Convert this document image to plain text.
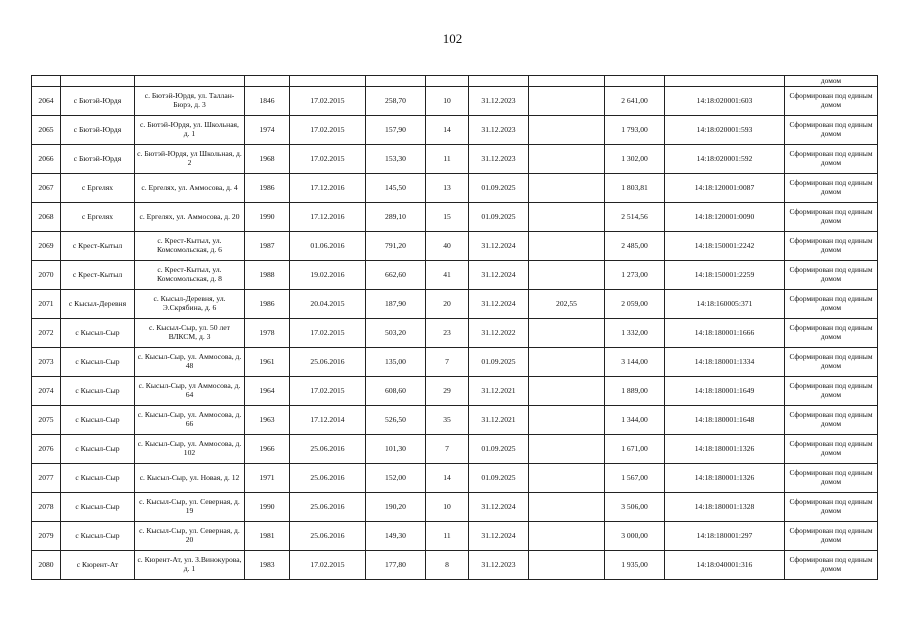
102
											домом
2064	с Бютэй-Юрдя	с. Бютэй-Юрдя, ул. Таллан-Бюрэ, д. 3	1846	17.02.2015	258,70	10	31.12.2023		2 641,00	14:18:020001:603	Сформирован под единым домом
2065	с Бютэй-Юрдя	с. Бютэй-Юрдя, ул. Школьная, д. 1	1974	17.02.2015	157,90	14	31.12.2023		1 793,00	14:18:020001:593	Сформирован под единым домом
2066	с Бютэй-Юрдя	с. Бютэй-Юрдя, ул Школьная, д. 2	1968	17.02.2015	153,30	11	31.12.2023		1 302,00	14:18:020001:592	Сформирован под единым домом
2067	с Ергелях	с. Ергелях, ул. Аммосова, д. 4	1986	17.12.2016	145,50	13	01.09.2025		1 803,81	14:18:120001:0087	Сформирован под единым домом
2068	с Ергелях	с. Ергелях, ул. Аммосова, д. 20	1990	17.12.2016	289,10	15	01.09.2025		2 514,56	14:18:120001:0090	Сформирован под единым домом
2069	с Крест-Кытыл	с. Крест-Кытыл, ул. Комсомольская, д. 6	1987	01.06.2016	791,20	40	31.12.2024		2 485,00	14:18:150001:2242	Сформирован под единым домом
2070	с Крест-Кытыл	с. Крест-Кытыл, ул. Комсомольская, д. 8	1988	19.02.2016	662,60	41	31.12.2024		1 273,00	14:18:150001:2259	Сформирован под единым домом
2071	с Кысыл-Деревня	с. Кысыл-Деревня, ул. Э.Скрябина, д. 6	1986	20.04.2015	187,90	20	31.12.2024	202,55	2 059,00	14:18:160005:371	Сформирован под единым домом
2072	с Кысыл-Сыр	с. Кысыл-Сыр, ул. 50 лет ВЛКСМ, д. 3	1978	17.02.2015	503,20	23	31.12.2022		1 332,00	14:18:180001:1666	Сформирован под единым домом
2073	с Кысыл-Сыр	с. Кысыл-Сыр, ул. Аммосова, д. 48	1961	25.06.2016	135,00	7	01.09.2025		3 144,00	14:18:180001:1334	Сформирован под единым домом
2074	с Кысыл-Сыр	с. Кысыл-Сыр, ул Аммосова, д. 64	1964	17.02.2015	608,60	29	31.12.2021		1 889,00	14:18:180001:1649	Сформирован под единым домом
2075	с Кысыл-Сыр	с. Кысыл-Сыр, ул. Аммосова, д. 66	1963	17.12.2014	526,50	35	31.12.2021		1 344,00	14:18:180001:1648	Сформирован под единым домом
2076	с Кысыл-Сыр	с. Кысыл-Сыр, ул. Аммосова, д. 102	1966	25.06.2016	101,30	7	01.09.2025		1 671,00	14:18:180001:1326	Сформирован под единым домом
2077	с Кысыл-Сыр	с. Кысыл-Сыр, ул. Новая, д. 12	1971	25.06.2016	152,00	14	01.09.2025		1 567,00	14:18:180001:1326	Сформирован под единым домом
2078	с Кысыл-Сыр	с. Кысыл-Сыр, ул. Северная, д. 19	1990	25.06.2016	190,20	10	31.12.2024		3 506,00	14:18:180001:1328	Сформирован под единым домом
2079	с Кысыл-Сыр	с. Кысыл-Сыр, ул. Северная, д. 20	1981	25.06.2016	149,30	11	31.12.2024		3 000,00	14:18:180001:297	Сформирован под единым домом
2080	с Кюрент-Ат	с. Кюрент-Ат, ул. З.Винокурова, д. 1	1983	17.02.2015	177,80	8	31.12.2023		1 935,00	14:18:040001:316	Сформирован под единым домом
